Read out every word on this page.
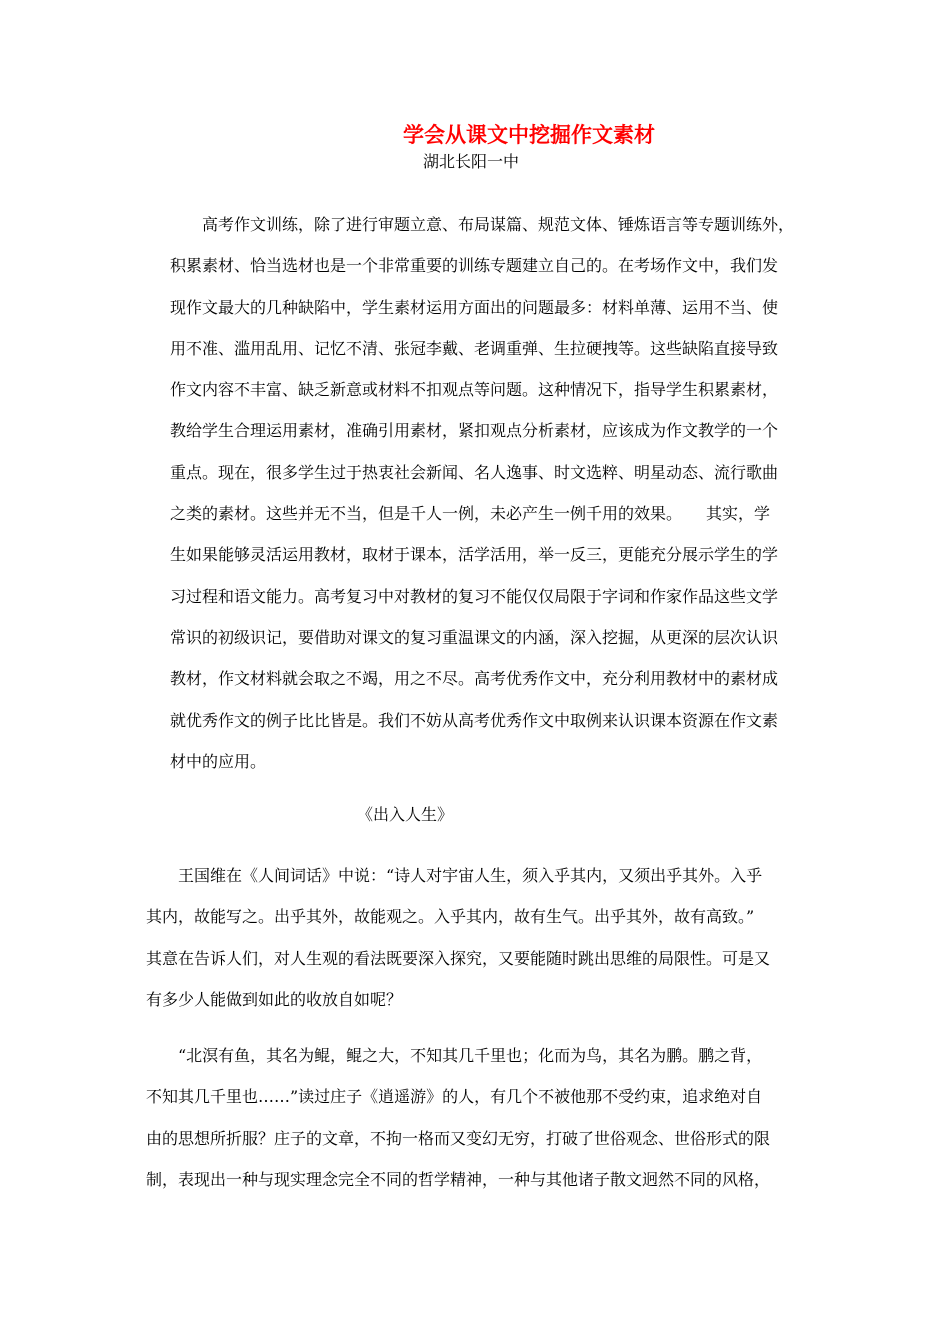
学会从课文中挖掘作文素材
湖北长阳一中
　　高考作文训练，除了进行审题立意、布局谋篇、规范文体、锤炼语言等专题训练外，
积累素材、恰当选材也是一个非常重要的训练专题建立自己的。在考场作文中，我们发
现作文最大的几种缺陷中，学生素材运用方面出的问题最多：材料单薄、运用不当、使
用不准、滥用乱用、记忆不清、张冠李戴、老调重弹、生拉硬拽等。这些缺陷直接导致
作文内容不丰富、缺乏新意或材料不扣观点等问题。这种情况下，指导学生积累素材，
教给学生合理运用素材，准确引用素材，紧扣观点分析素材，应该成为作文教学的一个
重点。现在，很多学生过于热衷社会新闻、名人逸事、时文选粹、明星动态、流行歌曲
之类的素材。这些并无不当，但是千人一例，未必产生一例千用的效果。　　其实，学
生如果能够灵活运用教材，取材于课本，活学活用，举一反三，更能充分展示学生的学
习过程和语文能力。高考复习中对教材的复习不能仅仅局限于字词和作家作品这些文学
常识的初级识记，要借助对课文的复习重温课文的内涵，深入挖掘，从更深的层次认识
教材，作文材料就会取之不竭，用之不尽。高考优秀作文中，充分利用教材中的素材成
就优秀作文的例子比比皆是。我们不妨从高考优秀作文中取例来认识课本资源在作文素
材中的应用。
《出入人生》
　　王国维在《人间词话》中说：“诗人对宇宙人生，须入乎其内，又须出乎其外。入乎
其内，故能写之。出乎其外，故能观之。入乎其内，故有生气。出乎其外，故有高致。”
其意在告诉人们，对人生观的看法既要深入探究，又要能随时跳出思维的局限性。可是又
有多少人能做到如此的收放自如呢？
　　“北溟有鱼，其名为鲲，鲲之大，不知其几千里也；化而为鸟，其名为鹏。鹏之背，
不知其几千里也……”读过庄子《逍遥游》的人，有几个不被他那不受约束，追求绝对自
由的思想所折服？庄子的文章，不拘一格而又变幻无穷，打破了世俗观念、世俗形式的限
制，表现出一种与现实理念完全不同的哲学精神，一种与其他诸子散文迥然不同的风格，
